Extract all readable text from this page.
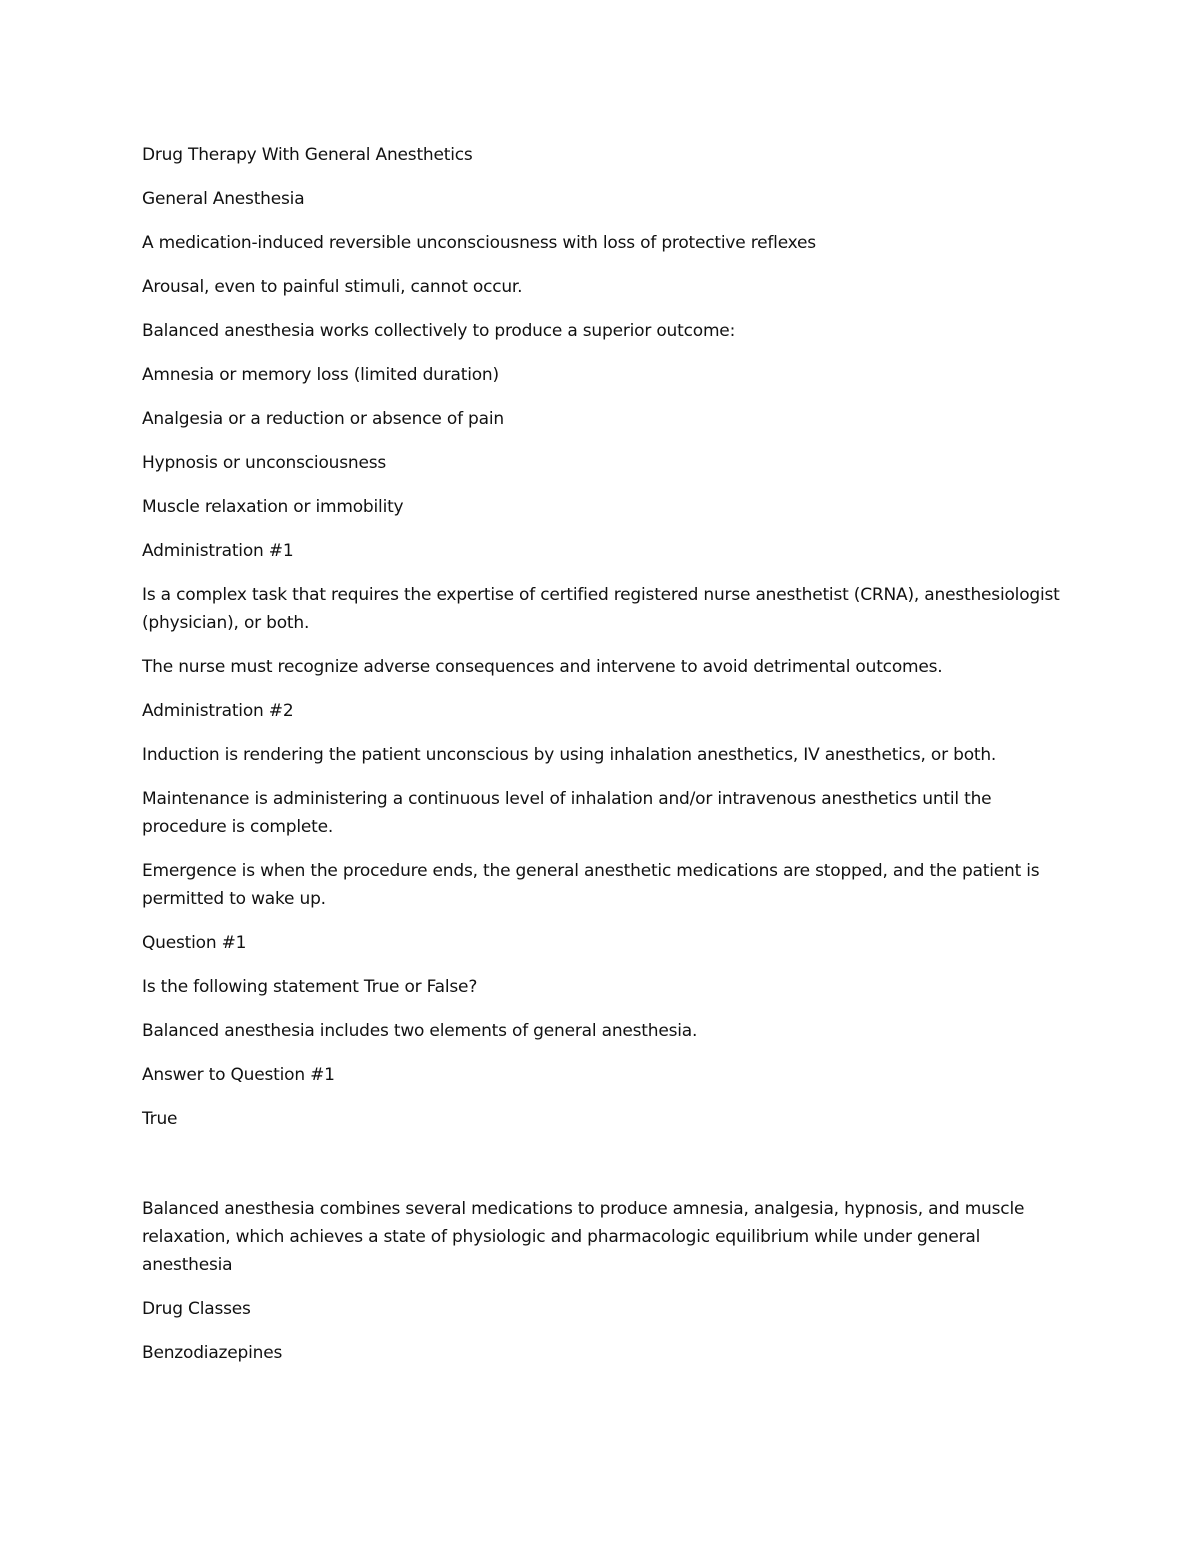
Drug Therapy With General Anesthetics

General Anesthesia

A medication-induced reversible unconsciousness with loss of protective reflexes

Arousal, even to painful stimuli, cannot occur.

Balanced anesthesia works collectively to produce a superior outcome:

Amnesia or memory loss (limited duration)

Analgesia or a reduction or absence of pain

Hypnosis or unconsciousness

Muscle relaxation or immobility

Administration #1

Is a complex task that requires the expertise of certified registered nurse anesthetist (CRNA), anesthesiologist (physician), or both.

The nurse must recognize adverse consequences and intervene to avoid detrimental outcomes.

Administration #2

Induction is rendering the patient unconscious by using inhalation anesthetics, IV anesthetics, or both.

Maintenance is administering a continuous level of inhalation and/or intravenous anesthetics until the procedure is complete.

Emergence is when the procedure ends, the general anesthetic medications are stopped, and the patient is permitted to wake up.

Question #1

Is the following statement True or False?

Balanced anesthesia includes two elements of general anesthesia.

Answer to Question #1

True

Balanced anesthesia combines several medications to produce amnesia, analgesia, hypnosis, and muscle relaxation, which achieves a state of physiologic and pharmacologic equilibrium while under general anesthesia

Drug Classes

Benzodiazepines
